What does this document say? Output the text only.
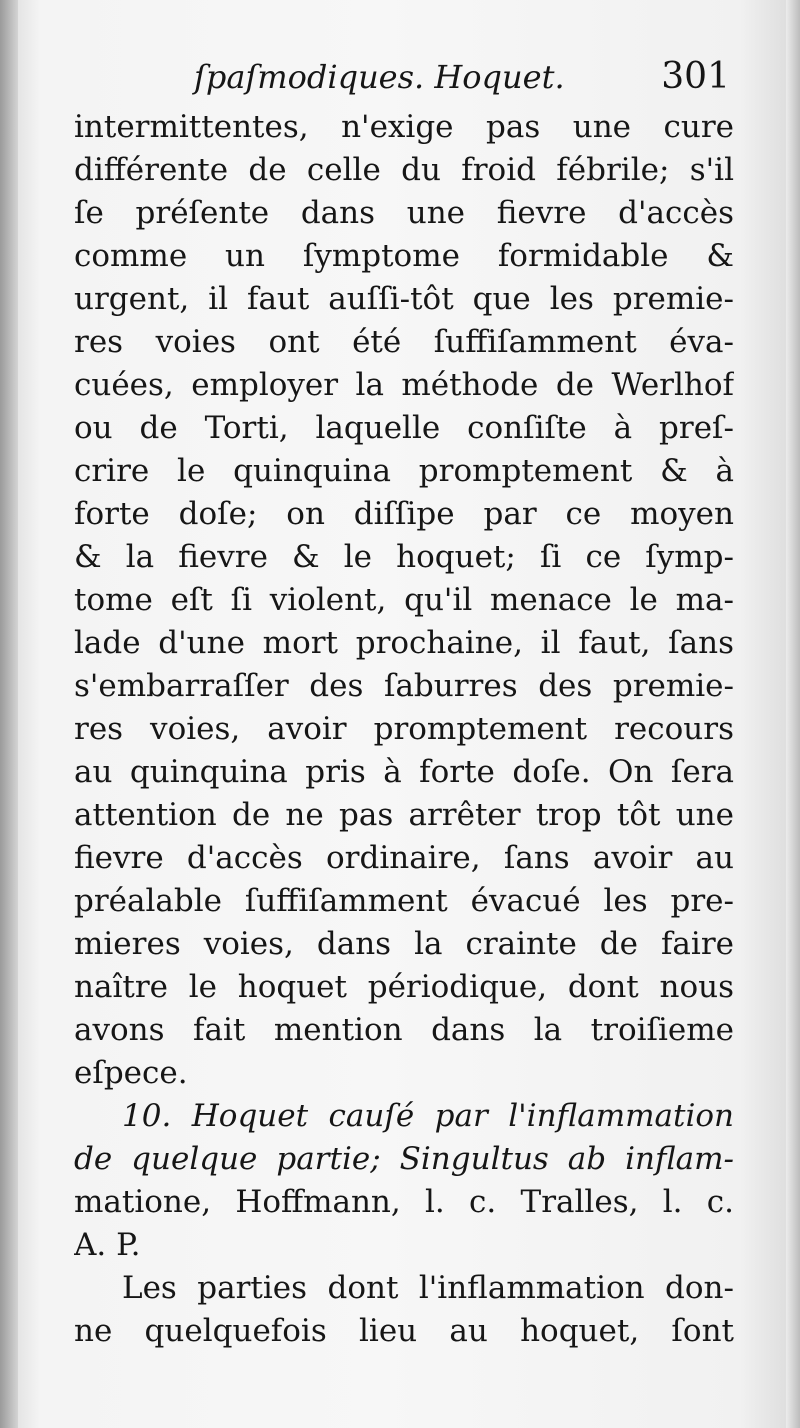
ſpaſmodiques. Hoquet.	301
intermittentes, n'exige pas une cure
différente de celle du froid fébrile; s'il
ſe préſente dans une fievre d'accès
comme un ſymptome formidable &
urgent, il faut auſſi-tôt que les premie-
res voies ont été ſuffiſamment éva-
cuées, employer la méthode de Werlhof
ou de Torti, laquelle conſiſte à preſ-
crire le quinquina promptement & à
forte doſe; on diſſipe par ce moyen
& la fievre & le hoquet; ſi ce ſymp-
tome eſt ſi violent, qu'il menace le ma-
lade d'une mort prochaine, il faut, ſans
s'embarraſſer des ſaburres des premie-
res voies, avoir promptement recours
au quinquina pris à forte doſe. On ſera
attention de ne pas arrêter trop tôt une
fievre d'accès ordinaire, ſans avoir au
préalable ſuffiſamment évacué les pre-
mieres voies, dans la crainte de faire
naître le hoquet périodique, dont nous
avons fait mention dans la troiſieme
eſpece.
10. Hoquet cauſé par l'inflammation
de quelque partie; Singultus ab inflam-
matione, Hoffmann, l. c. Tralles, l. c.
A. P.
Les parties dont l'inflammation don-
ne quelquefois lieu au hoquet, ſont
